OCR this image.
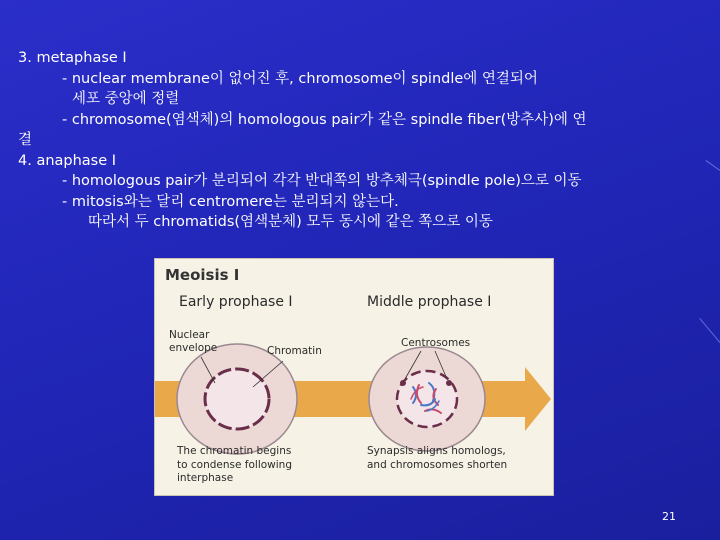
3. metaphase I
- nuclear membrane이 없어진 후, chromosome이 spindle에 연결되어
세포 중앙에 정렬
- chromosome(염색체)의 homologous pair가 같은 spindle fiber(방추사)에 연
결
4. anaphase I
- homologous pair가 분리되어 각각 반대쪽의 방추체극(spindle pole)으로 이동
- mitosis와는 달리 centromere는 분리되지 않는다.
따라서 두 chromatids(염색분체) 모두 동시에 같은 쪽으로 이동
Meoisis I
Early prophase I	Middle prophase I
Nuclear
envelope	Chromatin
Centrosomes
The chromatin begins
to condense following
interphase
Synapsis aligns homologs,
and chromosomes shorten
21
